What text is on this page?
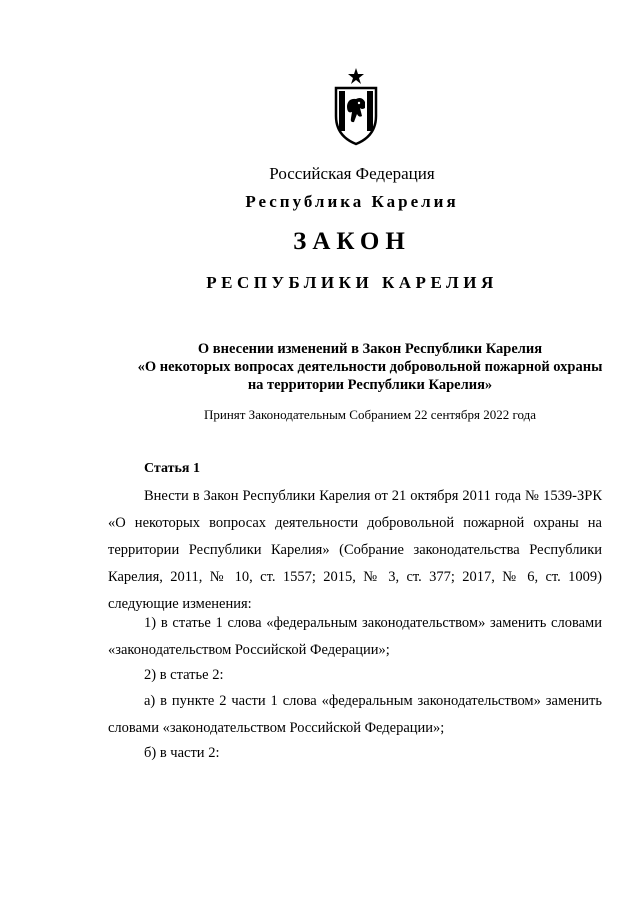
Российская Федерация
Республика Карелия
ЗАКОН
РЕСПУБЛИКИ КАРЕЛИЯ
О внесении изменений в Закон Республики Карелия
«О некоторых вопросах деятельности добровольной пожарной охраны
на территории Республики Карелия»
Принят Законодательным Собранием 22 сентября 2022 года
Статья 1

Внести в Закон Республики Карелия от 21 октября 2011 года № 1539-ЗРК «О некоторых вопросах деятельности добровольной пожарной охраны на территории Республики Карелия» (Собрание законодательства Республики Карелия, 2011, № 10, ст. 1557; 2015, № 3, ст. 377; 2017, № 6, ст. 1009) следующие изменения:

1) в статье 1 слова «федеральным законодательством» заменить словами «законодательством Российской Федерации»;

2) в статье 2:

а) в пункте 2 части 1 слова «федеральным законодательством» заменить словами «законодательством Российской Федерации»;

б) в части 2:
